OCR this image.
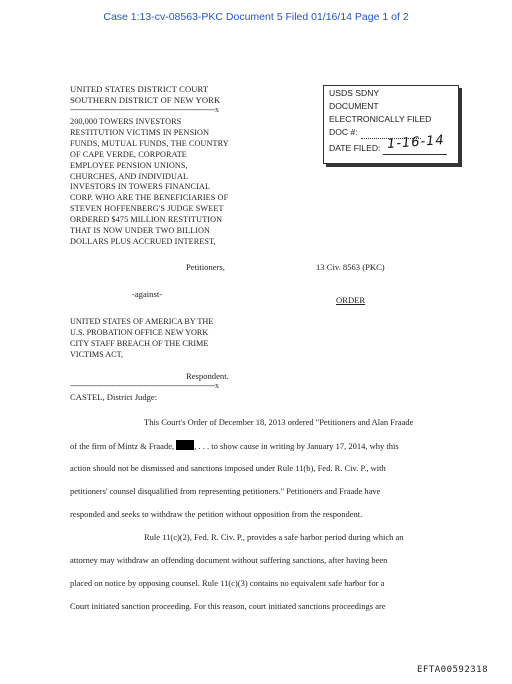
Case 1:13-cv-08563-PKC Document 5 Filed 01/16/14 Page 1 of 2
UNITED STATES DISTRICT COURT
SOUTHERN DISTRICT OF NEW YORK
-------------------------------------------------------------------x
200,000 TOWERS INVESTORS
RESTITUTION VICTIMS IN PENSION
FUNDS, MUTUAL FUNDS, THE COUNTRY
OF CAPE VERDE, CORPORATE
EMPLOYEE PENSION UNIONS,
CHURCHES, AND INDIVIDUAL
INVESTORS IN TOWERS FINANCIAL
CORP. WHO ARE THE BENEFICIARIES OF
STEVEN HOFFENBERG'S JUDGE SWEET
ORDERED $475 MILLION RESTITUTION
THAT IS NOW UNDER TWO BILLION
DOLLARS PLUS ACCRUED INTEREST,
USDS SDNY
DOCUMENT
ELECTRONICALLY FILED
DOC #:
DATE FILED: 1-16-14
Petitioners,	13 Civ. 8563 (PKC)
-against-
ORDER
UNITED STATES OF AMERICA BY THE
U.S. PROBATION OFFICE NEW YORK
CITY STAFF BREACH OF THE CRIME
VICTIMS ACT,
Respondent.
-------------------------------------------------------------------x
CASTEL, District Judge:
This Court's Order of December 18, 2013 ordered "Petitioners and Alan Fraade
of the firm of Mintz & Fraade, , . . . to show cause in writing by January 17, 2014, why this
action should not be dismissed and sanctions imposed under Rule 11(b), Fed. R. Civ. P., with
petitioners' counsel disqualified from representing petitioners." Petitioners and Fraade have
responded and seeks to withdraw the petition without opposition from the respondent.
Rule 11(c)(2), Fed. R. Civ. P., provides a safe harbor period during which an
attorney may withdraw an offending document without suffering sanctions, after having been
placed on notice by opposing counsel. Rule 11(c)(3) contains no equivalent safe harbor for a
Court initiated sanction proceeding. For this reason, court initiated sanctions proceedings are
EFTA00592318
